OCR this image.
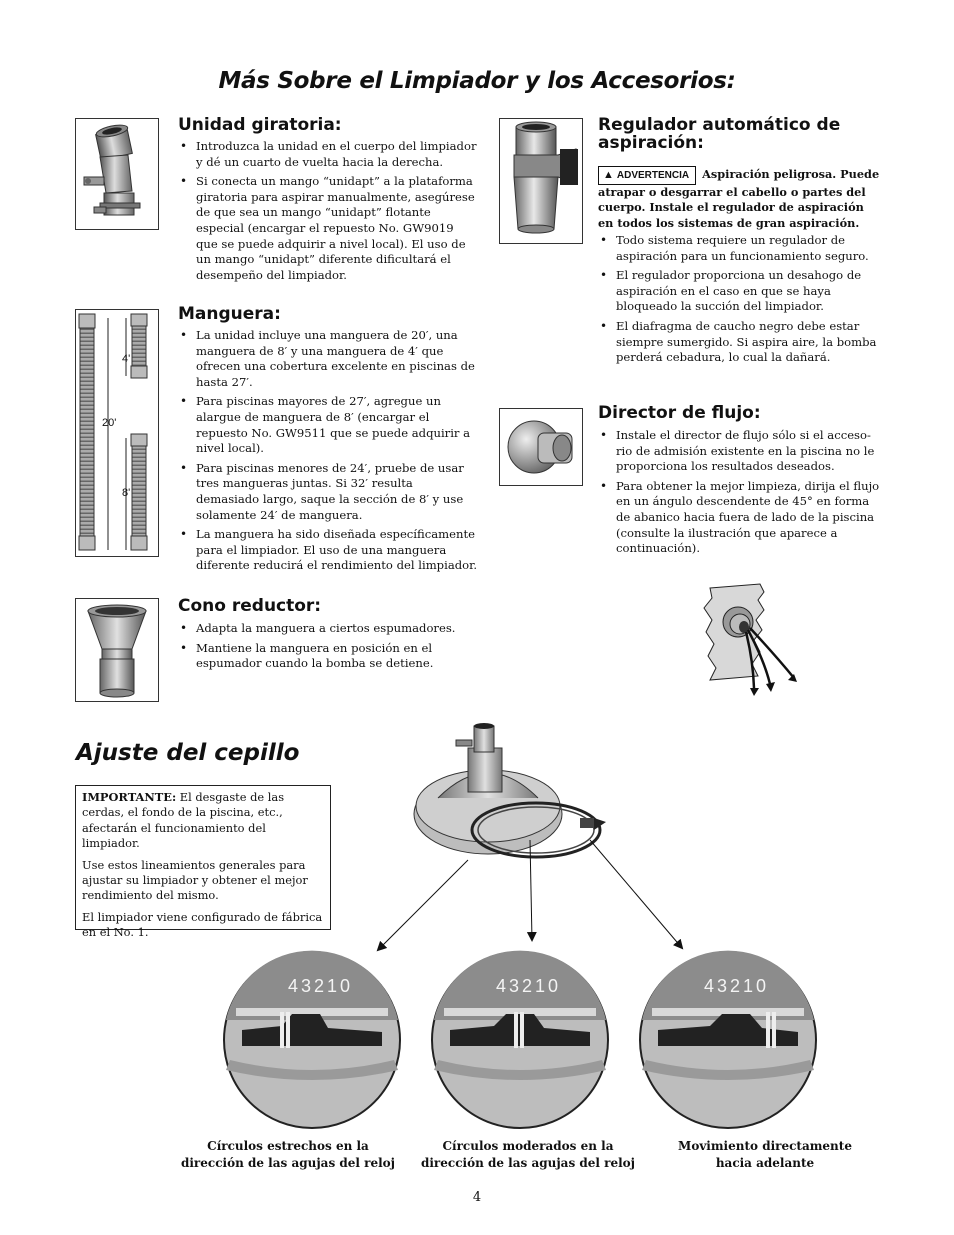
Más Sobre el Limpiador y los Accesorios:
Unidad giratoria:
• Introduzca la unidad en el cuerpo del limpiador y dé un cuarto de vuelta hacia la derecha.
• Si conecta un mango “unidapt” a la plataforma giratoria para aspirar manualmente, asegúrese de que sea un mango “unidapt” flotante especial (encargar el repuesto No. GW9019 que se puede adquirir a nivel local). El uso de un mango “unidapt” diferente dificultará el desempeño del limpiador.
20'
4'
8'
Manguera:
• La unidad incluye una manguera de 20′, una manguera de 8′ y una manguera de 4′ que ofrecen una cobertura excelente en piscinas de hasta 27′.
• Para piscinas mayores de 27′, agregue un alargue de manguera de 8′ (encargar el repuesto No. GW9511 que se puede adquirir a nivel local).
• Para piscinas menores de 24′, pruebe de usar tres mangueras juntas. Si 32′ resulta demasiado largo, saque la sección de 8′ y use solamente 24′ de manguera.
• La manguera ha sido diseñada específicamente para el limpiador. El uso de una manguera diferente reducirá el rendimiento del limpiador.
Cono reductor:
• Adapta la manguera a ciertos espumadores.
• Mantiene la manguera en posición en el espumador cuando la bomba se detiene.
Regulador automático de aspiración:
▲ ADVERTENCIA Aspiración peligrosa. Puede atrapar o desgarrar el cabello o partes del cuerpo. Instale el regulador de aspiración en todos los sistemas de gran aspiración.
• Todo sistema requiere un regulador de aspiración para un funcionamiento seguro.
• El regulador proporciona un desahogo de aspiración en el caso en que se haya bloqueado la succión del limpiador.
• El diafragma de caucho negro debe estar siempre sumergido. Si aspira aire, la bomba perderá cebadura, lo cual la dañará.
Director de flujo:
• Instale el director de flujo sólo si el acceso-rio de admisión existente en la piscina no le proporciona los resultados deseados.
• Para obtener la mejor limpieza, dirija el flujo en un ángulo descendente de 45° en forma de abanico hacia fuera de lado de la piscina (consulte la ilustración que aparece a continuación).
Ajuste del cepillo

IMPORTANTE: El desgaste de las cerdas, el fondo de la piscina, etc., afectarán el funcionamiento del limpiador.

Use estos lineamientos generales para ajustar su limpiador y obtener el mejor rendimiento del mismo.

El limpiador viene configurado de fábrica en el No. 1.

43210	43210	43210
Círculos estrechos en la dirección de las agujas del reloj
Círculos moderados en la dirección de las agujas del reloj
Movimiento directamente hacia adelante
4
